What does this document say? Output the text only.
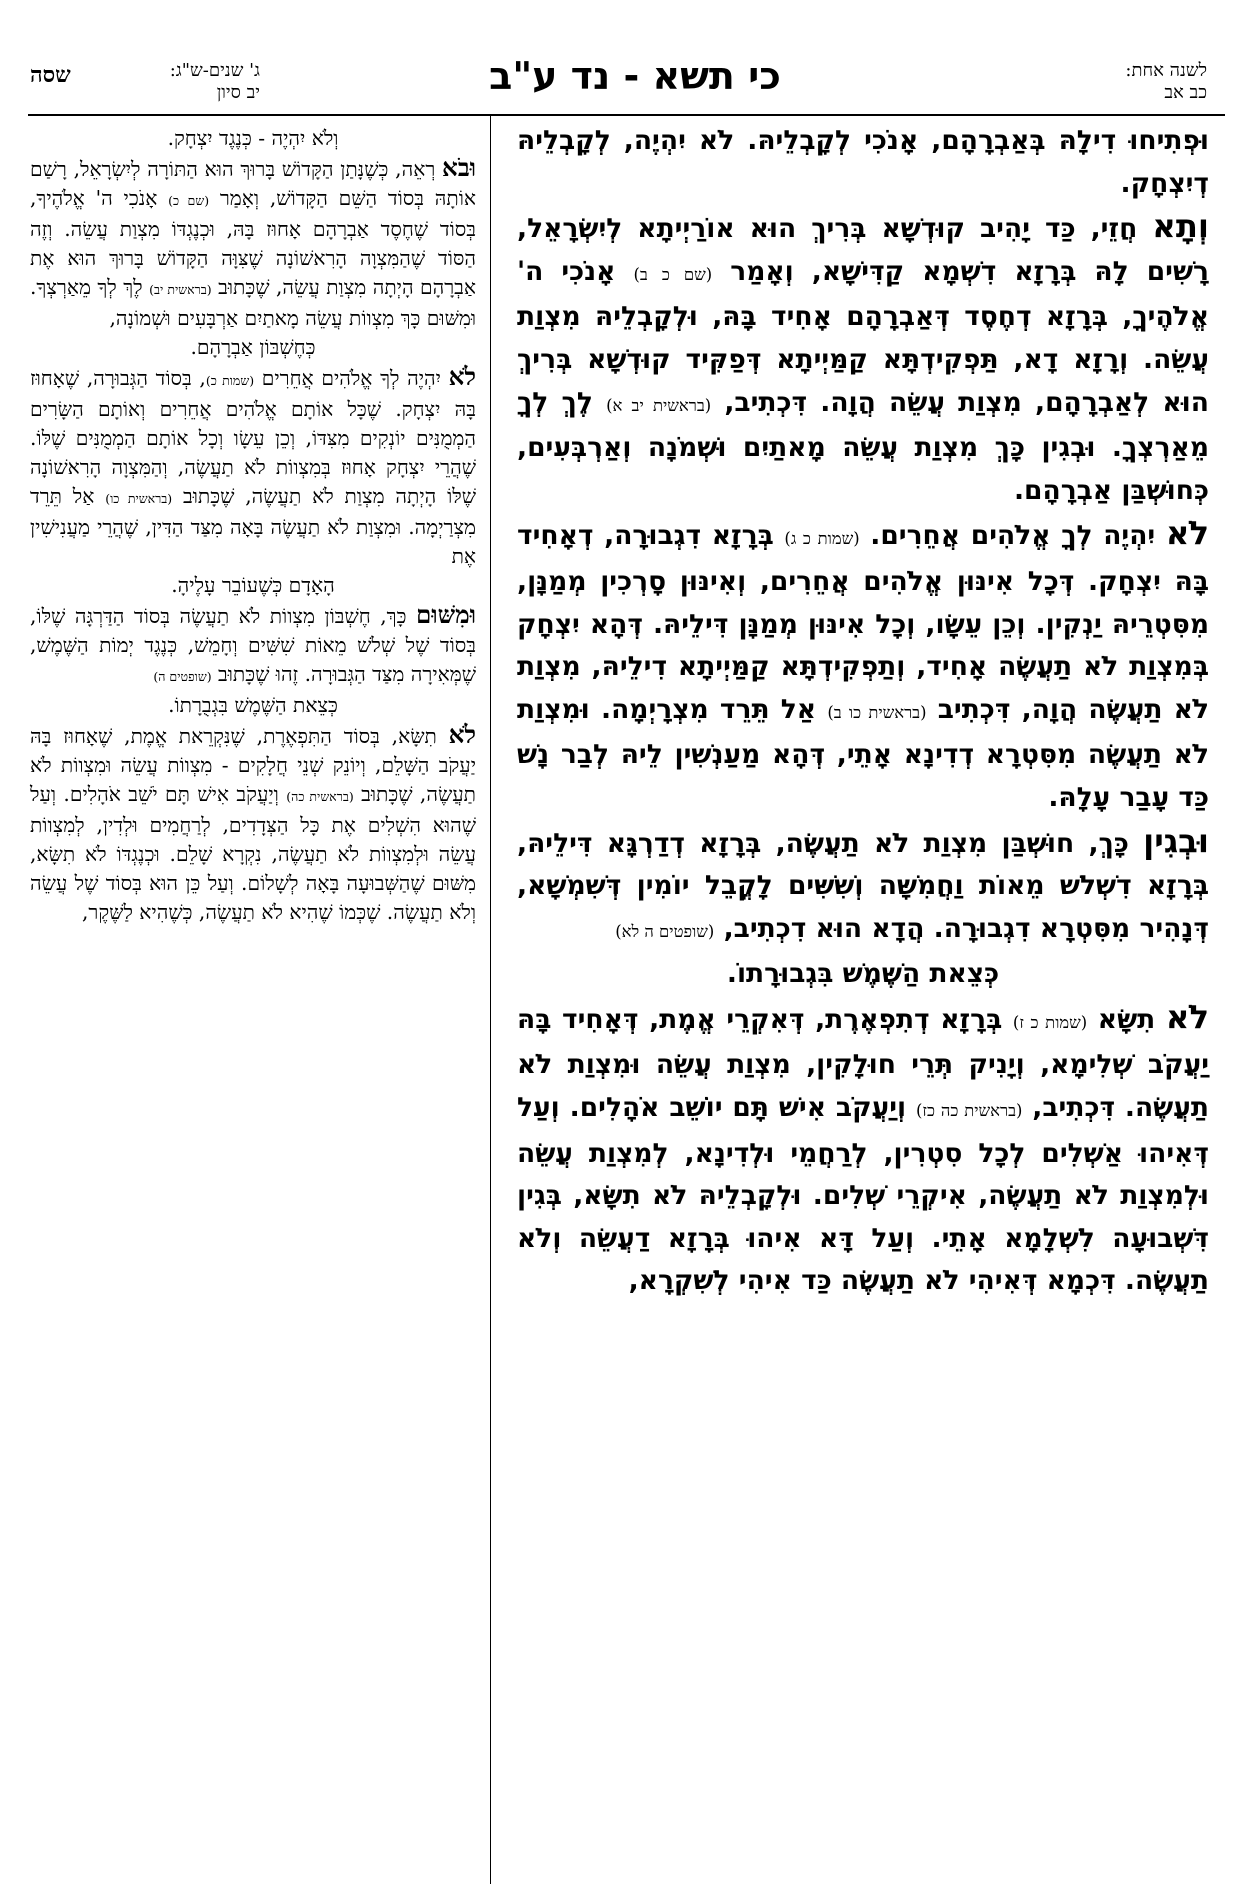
לשנה אחת:
כב אב
כי תשא - נד ע"ב
ג' שנים-ש"ג:
יב סיון
שסה

וּפְתִיחוּ דִילָהּ בְּאַבְרָהָם, אָנֹכִי לְקָבְלֵיהּ. לֹא יִהְיֶה, לְקָבְלֵיהּ דְיִצְחָק.

וְתָא חֲזֵי, כַּד יָהִיב קוּדְשָׁא בְּרִיךְ הוּא אוֹרַיְיתָא לְיִשְׂרָאֵל, רָשִׁים לָהּ בְּרָזָא דִשְׁמָא קַדִּישָׁא, וְאָמַר (שם כ ב) אָנֹכִי ה' אֱלֹהֶיךָ, בְּרָזָא דְחֶסֶד דְּאַבְרָהָם אָחִיד בָּהּ, וּלְקָבְלֵיהּ מִצְוַת עֲשֵׂה. וְרָזָא דָא, תַּפְקִידְתָּא קַמַּיְיתָא דְּפַקִּיד קוּדְשָׁא בְּרִיךְ הוּא לְאַבְרָהָם, מִצְוַת עֲשֵׂה הֲוָה. דִּכְתִיב, (בראשית יב א) לֶךְ לְךָ מֵאַרְצְךָ. וּבְגִין כָּךְ מִצְוַת עֲשֵׂה מָאתַיִם וּשְׁמֹנָה וְאַרְבְּעִים, כְּחוּשְׁבַּן אַבְרָהָם.

לֹא יִהְיֶה לְךָ אֱלֹהִים אֲחֵרִים. (שמות כ ג) בְּרָזָא דִגְבוּרָה, דְאָחִיד בָּהּ יִצְחָק. דְּכָל אִינּוּן אֱלֹהִים אֲחֵרִים, וְאִינּוּן סָרְכִין מְמַנָּן, מִסִּטְרֵיהּ יַנְקִין. וְכֵן עֵשָׂו, וְכָל אִינּוּן מְמַנָּן דִּילֵיהּ. דְּהָא יִצְחָק בְּמִצְוַת לֹא תַעֲשֶׂה אָחִיד, וְתַפְקִידְתָּא קַמַּיְיתָא דִילֵיהּ, מִצְוַת לֹא תַעֲשֶׂה הֲוָה, דִּכְתִיב (בראשית כו ב) אַל תֵּרֵד מִצְרָיְמָה. וּמִצְוַת לֹא תַעֲשֶׂה מִסִּטְרָא דְדִינָא אָתֵי, דְּהָא מַעַנְשִׁין לֵיהּ לְבַר נָשׁ כַּד עָבַר עָלָהּ.

וּבְגִין כָּךְ, חוּשְׁבַּן מִצְוַת לֹא תַעֲשֶׂה, בְּרָזָא דְדַרְגָּא דִּילֵיהּ, בְּרָזָא דִשְׁלשׁ מֵאוֹת וַחֲמִשָּׁה וְשִׁשִּׁים לָקֳבֵל יוֹמִין דְּשִׁמְשָׁא, דְּנָהִיר מִסִּטְרָא דִגְבוּרָה. הֲדָא הוּא דִכְתִיב, (שופטים ה לא)
כְּצֵאת הַשֶּׁמֶשׁ בִּגְבוּרָתוֹ.

לֹא תִשָּׂא (שמות כ ז) בְּרָזָא דְתִפְאֶרֶת, דְּאִקְרֵי אֱמֶת, דְּאָחִיד בָּהּ יַעֲקֹב שְׁלִימָא, וְיָנִיק תְּרֵי חוּלָקִין, מִצְוַת עֲשֵׂה וּמִצְוַת לֹא תַעֲשֶׂה. דִּכְתִיב, (בראשית כה כז) וְיַעֲקֹב אִישׁ תָּם יוֹשֵׁב אֹהָלִים. וְעַל דְּאִיהוּ אַשְׁלִים לְכָל סִטְרִין, לְרַחֲמֵי וּלְדִינָא, לְמִצְוַת עֲשֵׂה וּלְמִצְוַת לֹא תַעֲשֶׂה, אִיקְרֵי שְׁלִים. וּלְקָבְלֵיהּ לֹא תִשָּׂא, בְּגִין דִּשְׁבוּעָה לִשְׁלָמָא אָתֵי. וְעַל דָּא אִיהוּ בְּרָזָא דַעֲשֵׂה וְלֹא תַעֲשֶׂה. דִּכְמָא דְּאִיהִי לֹא תַעֲשֶׂה כַּד אִיהִי לְשִׁקְרָא,

וְלֹא יִהְיֶה - כְּנֶגֶד יִצְחָק.

וּבֹא רְאֵה, כְּשֶׁנָּתַן הַקָּדוֹשׁ בָּרוּךְ הוּא הַתּוֹרָה לְיִשְׂרָאֵל, רָשַׁם אוֹתָהּ בְּסוֹד הַשֵּׁם הַקָּדוֹשׁ, וְאָמַר (שם כ) אָנֹכִי ה' אֱלֹהֶיךָ, בְּסוֹד שֶׁחֶסֶד אַבְרָהָם אָחוּז בָּהּ, וּכְנֶגְדּוֹ מִצְוַת עֲשֵׂה. וְזֶה הַסּוֹד שֶׁהַמִּצְוָה הָרִאשׁוֹנָה שֶׁצִּוָּה הַקָּדוֹשׁ בָּרוּךְ הוּא אֶת אַבְרָהָם הָיְתָה מִצְוַת עֲשֵׂה, שֶׁכָּתוּב (בראשית יב) לֶךְ לְךָ מֵאַרְצְךָ. וּמִשּׁוּם כָּךְ מִצְווֹת עֲשֵׂה מָאתַיִם אַרְבָּעִים וּשְׁמוֹנָה,
כְּחֶשְׁבּוֹן אַבְרָהָם.

לֹא יִהְיֶה לְךָ אֱלֹהִים אֲחֵרִים (שמות כ), בְּסוֹד הַגְּבוּרָה, שֶׁאָחוּז בָּהּ יִצְחָק. שֶׁכָּל אוֹתָם אֱלֹהִים אֲחֵרִים וְאוֹתָם הַשָּׂרִים הַמְמֻנִּים יוֹנְקִים מִצִּדּוֹ, וְכֵן עֵשָׂו וְכָל אוֹתָם הַמְמֻנִּים שֶׁלּוֹ. שֶׁהֲרֵי יִצְחָק אָחוּז בְּמִצְווֹת לֹא תַעֲשֶׂה, וְהַמִּצְוָה הָרִאשׁוֹנָה שֶׁלּוֹ הָיְתָה מִצְוַת לֹא תַעֲשֶׂה, שֶׁכָּתוּב (בראשית כו) אַל תֵּרֵד מִצְרַיְמָה. וּמִצְוַת לֹא תַעֲשֶׂה בָּאָה מִצַּד הַדִּין, שֶׁהֲרֵי מַעֲנִישִׁין אֶת
הָאָדָם כְּשֶׁעוֹבֵר עָלֶיהָ.

וּמִשּׁוּם כָּךְ, חֶשְׁבּוֹן מִצְווֹת לֹא תַעֲשֶׂה בְּסוֹד הַדַּרְגָּה שֶׁלּוֹ, בְּסוֹד שֶׁל שְׁלֹשׁ מֵאוֹת שִׁשִּׁים וְחָמֵשׁ, כְּנֶגֶד יְמוֹת הַשֶּׁמֶשׁ, שֶׁמְּאִירָה מִצַּד הַגְּבוּרָה. זֶהוּ שֶׁכָּתוּב (שופטים ה)
כְּצֵאת הַשֶּׁמֶשׁ בִּגְבֻרָתוֹ.

לֹא תִשָּׂא, בְּסוֹד הַתִּפְאֶרֶת, שֶׁנִּקְרֵאת אֱמֶת, שֶׁאָחוּז בָּהּ יַעֲקֹב הַשָּׁלֵם, וְיוֹנֵק שְׁנֵי חֲלָקִים - מִצְווֹת עֲשֵׂה וּמִצְווֹת לֹא תַעֲשֶׂה, שֶׁכָּתוּב (בראשית כה) וְיַעֲקֹב אִישׁ תָּם יֹשֵׁב אֹהָלִים. וְעַל שֶׁהוּא הִשְׁלִים אֶת כָּל הַצְּדָדִים, לְרַחֲמִים וּלְדִין, לְמִצְווֹת עֲשֵׂה וּלְמִצְווֹת לֹא תַעֲשֶׂה, נִקְרָא שָׁלֵם. וּכְנֶגְדּוֹ לֹא תִשָּׂא, מִשּׁוּם שֶׁהַשְּׁבוּעָה בָּאָה לְשָׁלוֹם. וְעַל כֵּן הוּא בְּסוֹד שֶׁל עֲשֵׂה וְלֹא תַעֲשֶׂה. שֶׁכְּמוֹ שֶׁהִיא לֹא תַעֲשֶׂה, כְּשֶׁהִיא לַשֶּׁקֶר,
